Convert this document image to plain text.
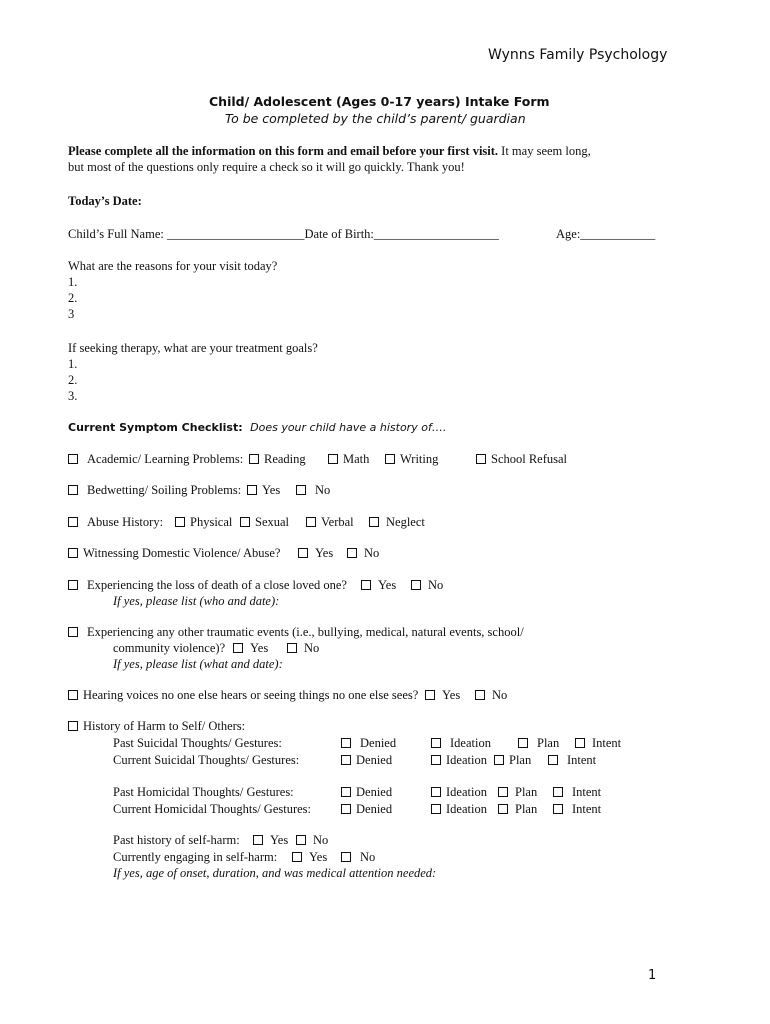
Wynns Family Psychology
Child/ Adolescent (Ages 0-17 years) Intake Form
To be completed by the child’s parent/ guardian
Please complete all the information on this form and email before your first visit. It may seem long,
but most of the questions only require a check so it will go quickly. Thank you!
Today’s Date:
Child’s Full Name: ______________________Date of Birth:____________________	Age:____________
What are the reasons for your visit today?
1.
2.
3
If seeking therapy, what are your treatment goals?
1.
2.
3.
Current Symptom Checklist: Does your child have a history of….
Academic/ Learning Problems:	Reading	Math	Writing	School Refusal
Bedwetting/ Soiling Problems:	Yes	No
Abuse History:	Physical	Sexual	Verbal	Neglect
Witnessing Domestic Violence/ Abuse?	Yes	No
Experiencing the loss of death of a close loved one?	Yes	No
If yes, please list (who and date):
Experiencing any other traumatic events (i.e., bullying, medical, natural events, school/
community violence)?	Yes	No
If yes, please list (what and date):
Hearing voices no one else hears or seeing things no one else sees?	Yes	No
History of Harm to Self/ Others:
Past Suicidal Thoughts/ Gestures:	Denied	Ideation	Plan	Intent
Current Suicidal Thoughts/ Gestures:	Denied	Ideation	Plan	Intent
Past Homicidal Thoughts/ Gestures:	Denied	Ideation	Plan	Intent
Current Homicidal Thoughts/ Gestures:	Denied	Ideation	Plan	Intent
Past history of self-harm:	Yes	No
Currently engaging in self-harm:	Yes	No
If yes, age of onset, duration, and was medical attention needed:
1
